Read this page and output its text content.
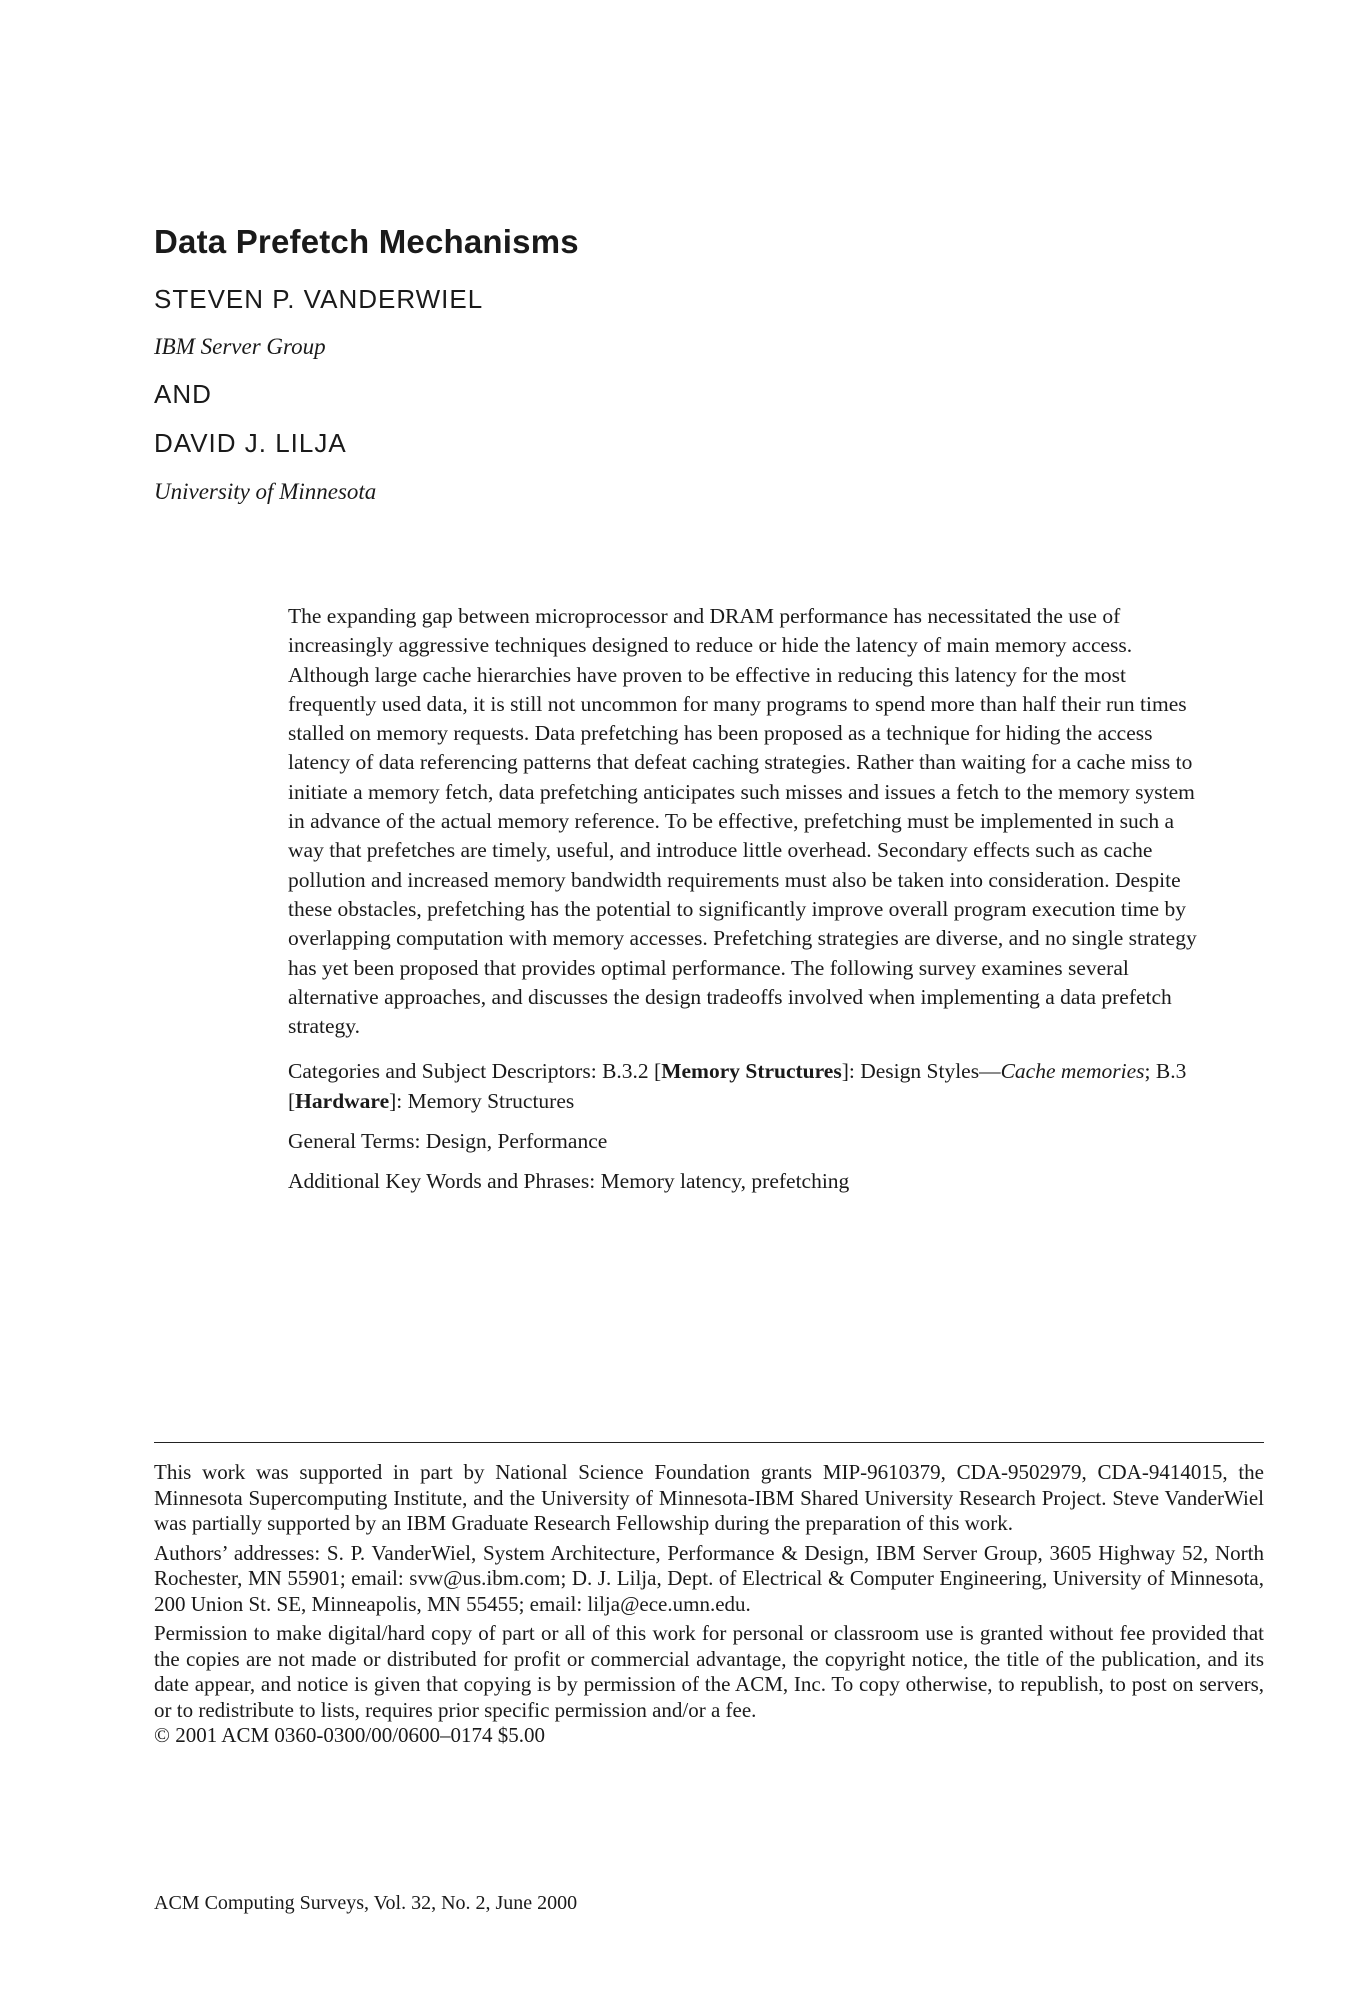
Data Prefetch Mechanisms

STEVEN P. VANDERWIEL

IBM Server Group

AND

DAVID J. LILJA

University of Minnesota

The expanding gap between microprocessor and DRAM performance has necessitated the use of increasingly aggressive techniques designed to reduce or hide the latency of main memory access. Although large cache hierarchies have proven to be effective in reducing this latency for the most frequently used data, it is still not uncommon for many programs to spend more than half their run times stalled on memory requests. Data prefetching has been proposed as a technique for hiding the access latency of data referencing patterns that defeat caching strategies. Rather than waiting for a cache miss to initiate a memory fetch, data prefetching anticipates such misses and issues a fetch to the memory system in advance of the actual memory reference. To be effective, prefetching must be implemented in such a way that prefetches are timely, useful, and introduce little overhead. Secondary effects such as cache pollution and increased memory bandwidth requirements must also be taken into consideration. Despite these obstacles, prefetching has the potential to significantly improve overall program execution time by overlapping computation with memory accesses. Prefetching strategies are diverse, and no single strategy has yet been proposed that provides optimal performance. The following survey examines several alternative approaches, and discusses the design tradeoffs involved when implementing a data prefetch strategy.

Categories and Subject Descriptors: B.3.2 [Memory Structures]: Design Styles—Cache memories; B.3 [Hardware]: Memory Structures

General Terms: Design, Performance

Additional Key Words and Phrases: Memory latency, prefetching

This work was supported in part by National Science Foundation grants MIP-9610379, CDA-9502979, CDA-9414015, the Minnesota Supercomputing Institute, and the University of Minnesota-IBM Shared University Research Project. Steve VanderWiel was partially supported by an IBM Graduate Research Fellowship during the preparation of this work.

Authors’ addresses: S. P. VanderWiel, System Architecture, Performance & Design, IBM Server Group, 3605 Highway 52, North Rochester, MN 55901; email: svw@us.ibm.com; D. J. Lilja, Dept. of Electrical & Computer Engineering, University of Minnesota, 200 Union St. SE, Minneapolis, MN 55455; email: lilja@ece.umn.edu.

Permission to make digital/hard copy of part or all of this work for personal or classroom use is granted without fee provided that the copies are not made or distributed for profit or commercial advantage, the copyright notice, the title of the publication, and its date appear, and notice is given that copying is by permission of the ACM, Inc. To copy otherwise, to republish, to post on servers, or to redistribute to lists, requires prior specific permission and/or a fee.

© 2001 ACM 0360-0300/00/0600–0174 $5.00

ACM Computing Surveys, Vol. 32, No. 2, June 2000
